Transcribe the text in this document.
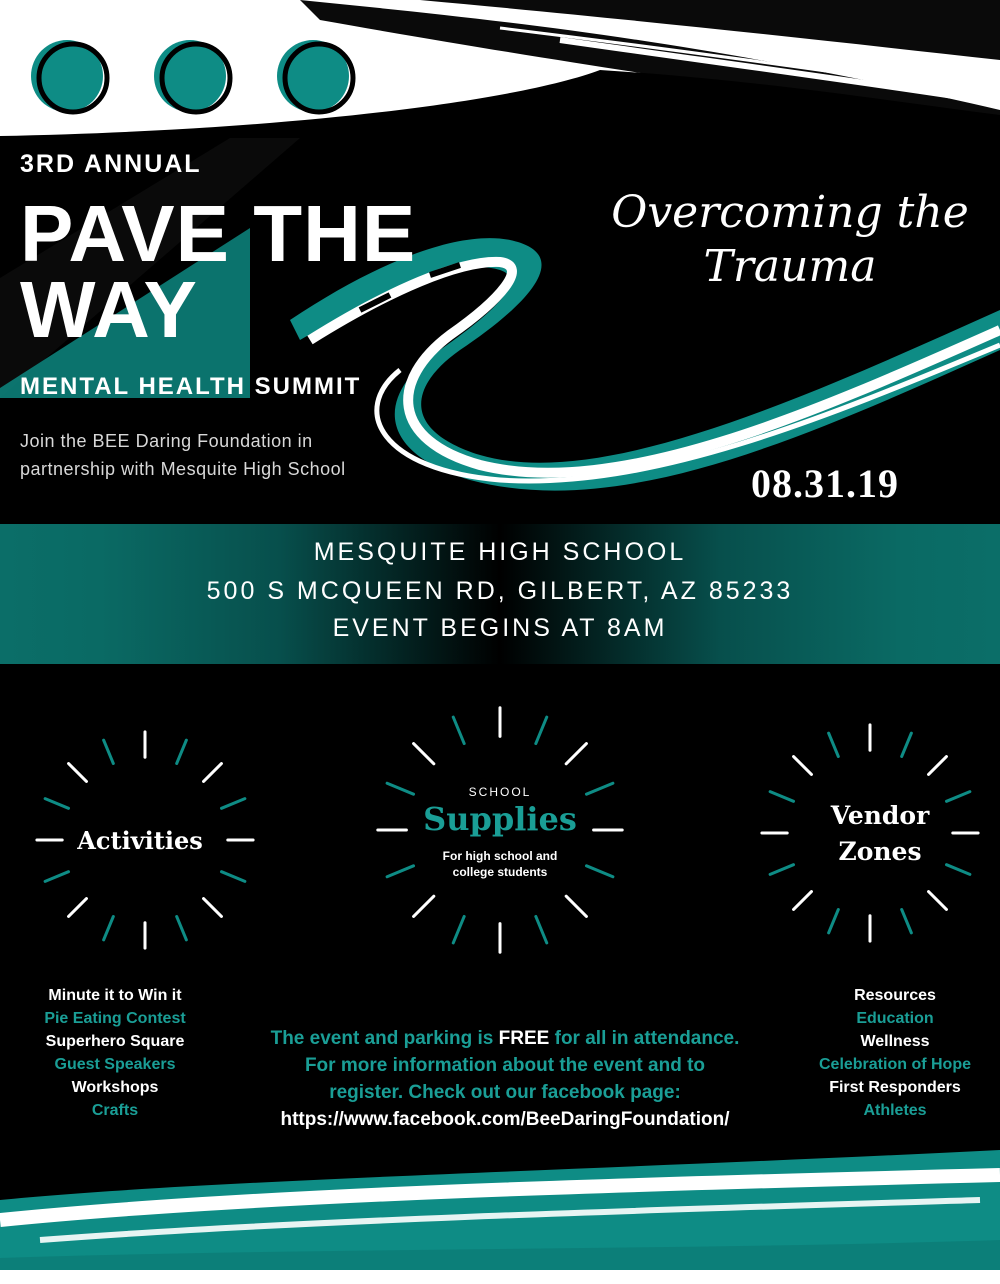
3RD ANNUAL
PAVE THE
WAY
MENTAL HEALTH SUMMIT
Join the BEE Daring Foundation in
partnership with Mesquite High School
Overcoming the
Trauma
08.31.19
MESQUITE HIGH SCHOOL
500 S MCQUEEN RD, GILBERT, AZ 85233
EVENT BEGINS AT 8AM
Activities
SCHOOL
Supplies
For high school and
college students
Vendor
Zones
Minute it to Win it
Pie Eating Contest
Superhero Square
Guest Speakers
Workshops
Crafts
Resources
Education
Wellness
Celebration of Hope
First Responders
Athletes
The event and parking is FREE for all in attendance.
For more information about the event and to
register. Check out our facebook page:
https://www.facebook.com/BeeDaringFoundation/
